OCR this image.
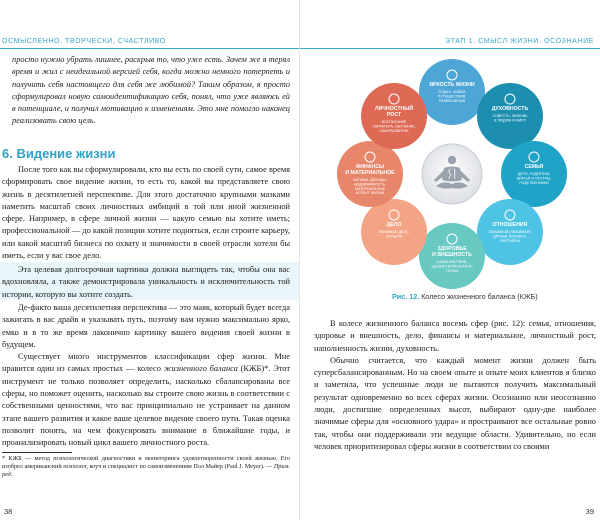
ОСМЫСЛЕННО, ТВОРЧЕСКИ, СЧАСТЛИВО

просто нужно убрать лишнее, раскрыв то, что уже есть. Зачем же я терял время и жил с неидеальной версией себя, когда можно немного потерпеть и получить себя настоящего для себя же любимой? Таким образом, я просто сформулировал новую самоидентификацию себя, понял, что уже являюсь ей в потенциале, и получил мотивацию к изменениям. Это мне помогло наконец реализовать свою цель.

6. Видение жизни

После того как вы сформулировали, кто вы есть по своей сути, самое время сформировать свое видение жизни, то есть то, какой вы представляете свою жизнь в десятилетней перспективе. Для этого достаточно крупными мазками наметить масштаб своих личностных амбиций в той или иной жизненной сфере. Например, в сфере личной жизни — какую семью вы хотите иметь; профессиональной — до какой позиции хотите подняться, если строите карьеру, или какой масштаб бизнеса по охвату и значимости в своей отрасли хотели бы иметь, если у вас свое дело.

Эта целевая долгосрочная картинка должна выглядеть так, чтобы она вас вдохновляла, а также демонстрировала уникальность и исключительность той истории, которую вы хотите создать.

Де-факто ваша десятилетняя перспектива — это маяк, который будет всегда зажигать в вас драйв и указывать путь, поэтому вам нужно максимально ярко, емко и в то же время лаконично картинку вашего видения своей жизни в будущем.

Существует много инструментов классификации сфер жизни. Мне нравится один из самых простых — колесо жизненного баланса (КЖБ)*. Этот инструмент не только позволяет определить, насколько сбалансированы все сферы, но поможет оценить, насколько вы строите свою жизнь в соответствии с собственными ценностями, что вас принципиально не устраивает на данном этапе вашего развития и какое ваше целевое видение своего пути. Такая оценка позволит понять, на чем фокусировать внимание в ближайшие годы, и проанализировать новый цикл вашего личностного роста.

* КЖБ — метод психологической диагностики и мониторинга удовлетворенности своей жизнью. Его изобрел американский психолог, коуч и специалист по самоизменениям Пол Майер (Paul J. Meyer). — Прим. ред.
38
ЭТАП 1. СМЫСЛ ЖИЗНИ. ОСОЗНАНИЕ
ЯРКОСТЬ ЖИЗНИ
ОТДЫХ, ХОББИ,
ПУТЕШЕСТВИЯ,
РАЗВЛЕЧЕНИЯ
ДУХОВНОСТЬ
СОВЕСТЬ, ЛЮБОВЬ
К ЛЮДЯМ И МИРУ
СЕМЬЯ
ДЕТИ, РОДИТЕЛИ,
БРАТЬЯ И СЕСТРЫ,
РОДСТВЕННИКИ
ОТНОШЕНИЯ
ЛЮБИМЫЙ (ЛЮБИМАЯ),
ДРУЗЬЯ, КОЛЛЕГИ,
ПАРТНЕРЫ
ЗДОРОВЬЕ
И ВНЕШНОСТЬ
САМОЧУВСТВИЕ,
УДОВЛЕТВОРЕННОСТЬ
ТЕЛОМ
ДЕЛО
ЛЮБИМОЕ ДЕЛО,
КАРЬЕРА
ФИНАНСЫ
И МАТЕРИАЛЬНОЕ
АКТИВЫ, ДОХОДЫ,
НЕДВИЖИМОСТЬ,
МАТЕРИАЛЬНЫЕ
АСПЕКТ ЖИЗНИ
ЛИЧНОСТНЫЙ
РОСТ
ВОСПИТАНИЕ
ХАРАКТЕРА, ОБУЧЕНИЕ,
САМОРАЗВИТИЕ
Я
Рис. 12. Колесо жизненного баланса (КЖБ)

В колесе жизненного баланса восемь сфер (рис. 12): семья, отношения, здоровье и внешность, дело, финансы и материальное, личностный рост, наполненность жизни, духовность.

Обычно считается, что каждый момент жизни должен быть суперсбалансированным. Но на своем опыте и опыте моих клиентов я близко и заметила, что успешные люди не пытаются получить максимальный результат одновременно во всех сферах жизни. Осознанно или неосознанно люди, достигшие определенных высот, выбирают одну-две наиболее значимые сферы для «основного удара» и простраивают все остальные ровно так, чтобы они поддерживали эти ведущие области. Удивительно, но если человек приоритизировал сферы жизни в соответствии со своими

39
